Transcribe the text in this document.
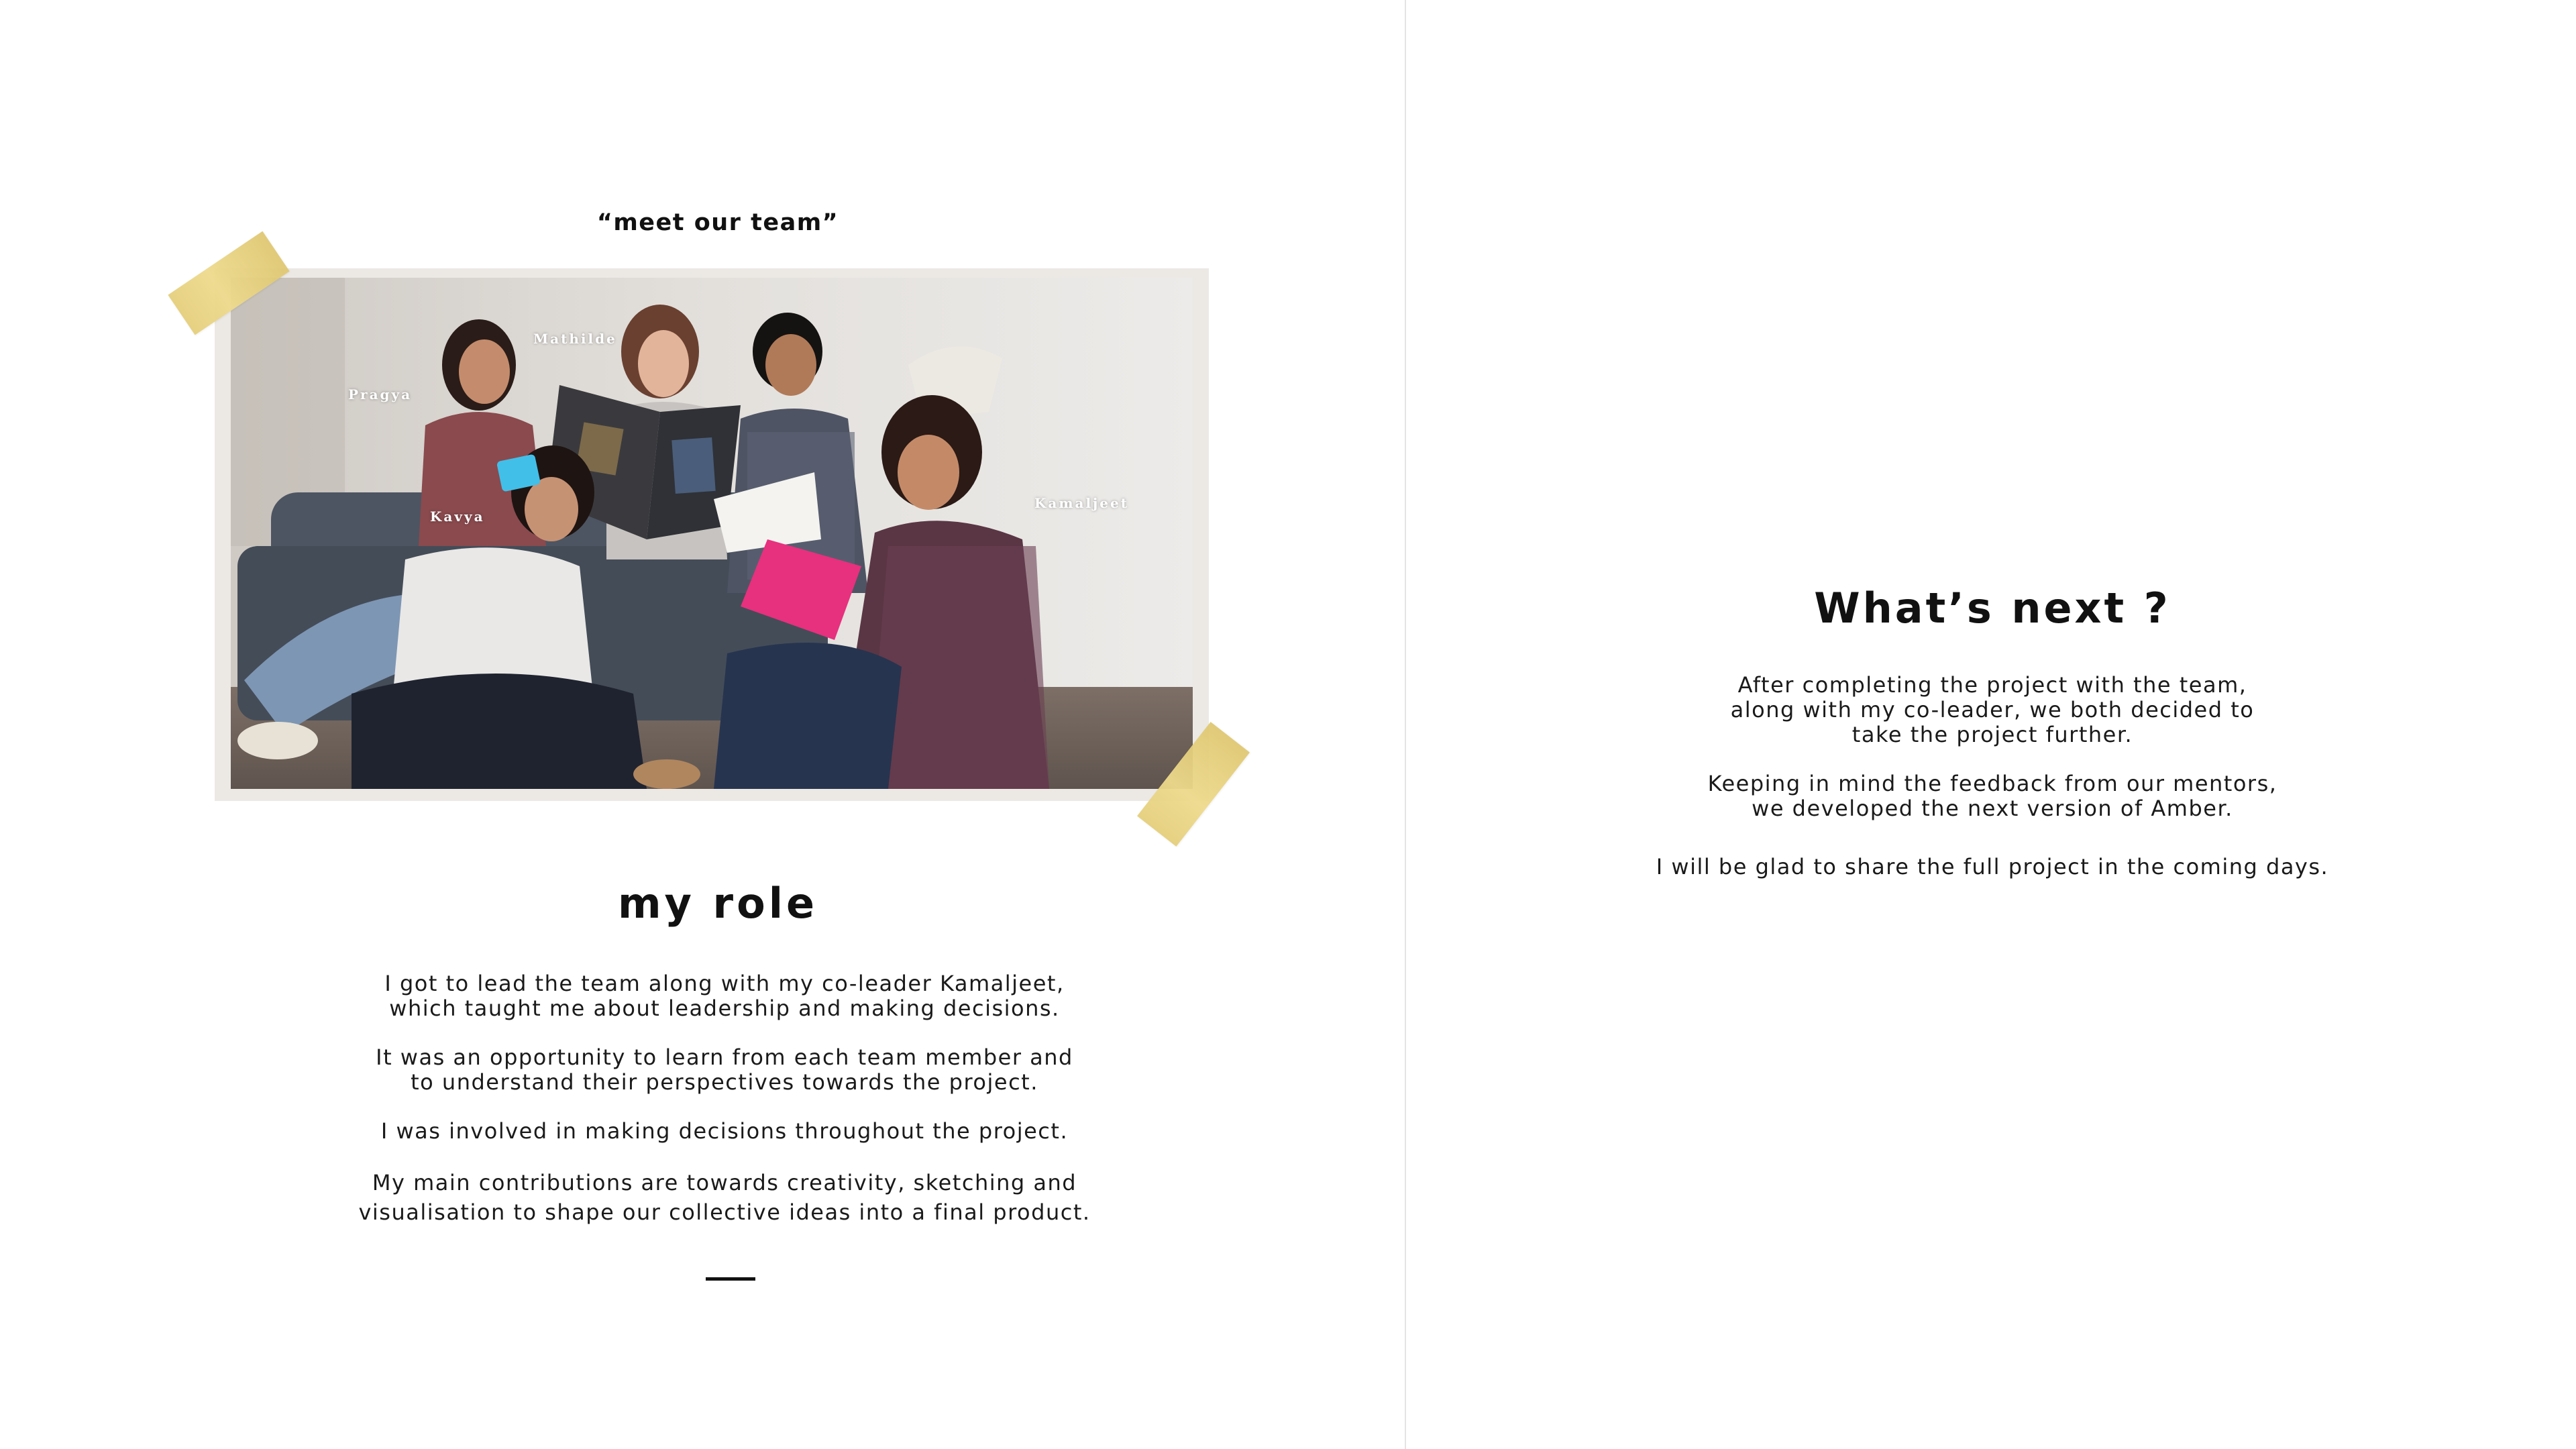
“meet our team”
Pragya
Mathilde
Kavya
Kamaljeet
my role

I got to lead the team along with my co-leader Kamaljeet,
which taught me about leadership and making decisions.

It was an opportunity to learn from each team member and
to understand their perspectives towards the project.

I was involved in making decisions throughout the project.

My main contributions are towards creativity, sketching and
visualisation to shape our collective ideas into a final product.

What’s next ?

After completing the project with the team,
along with my co-leader, we both decided to
take the project further.

Keeping in mind the feedback from our mentors,
we developed the next version of Amber.

I will be glad to share the full project in the coming days.
